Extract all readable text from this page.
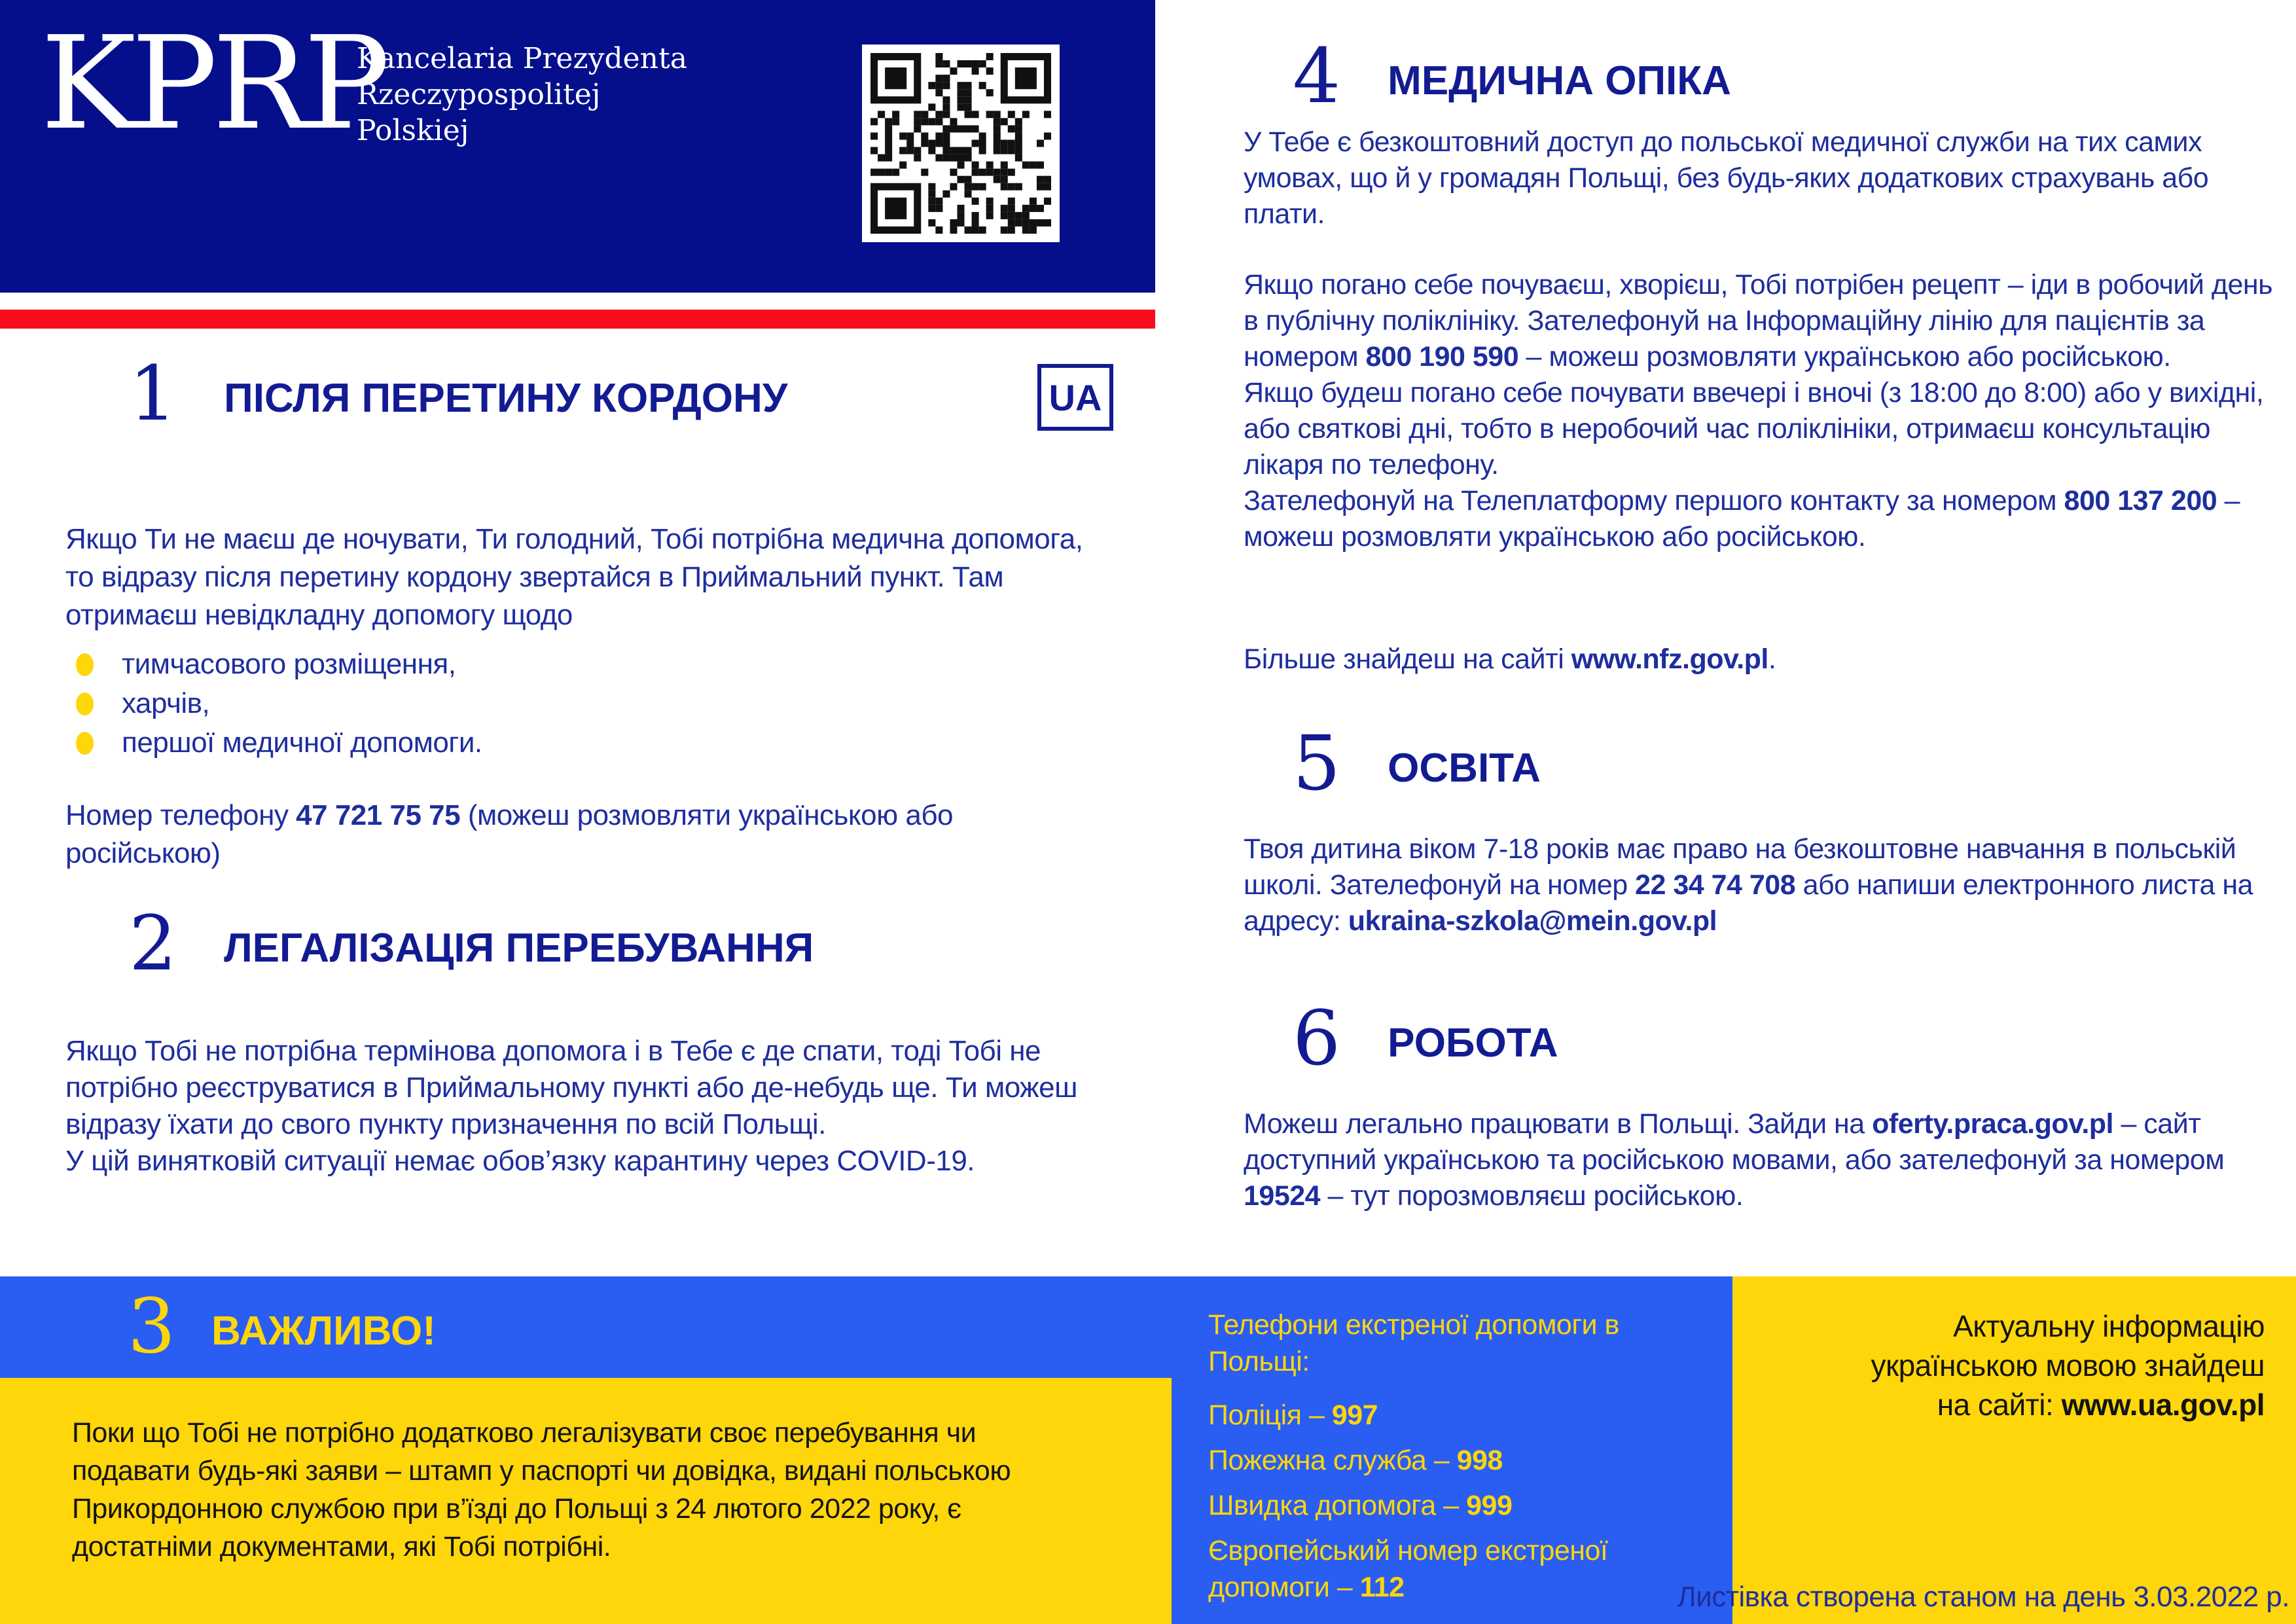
KPRP
Kancelaria Prezydenta
Rzeczypospolitej
Polskiej
1 ПІСЛЯ ПЕРЕТИНУ КОРДОНУ	UA

Якщо Ти не маєш де ночувати, Ти голодний, Тобі потрібна медична допомога, то відразу після перетину кордону звертайся в Приймальний пункт. Там отримаєш невідкладну допомогу щодо

тимчасового розміщення,
харчів,
першої медичної допомоги.

Номер телефону 47 721 75 75 (можеш розмовляти українською або російською)

2 ЛЕГАЛІЗАЦІЯ ПЕРЕБУВАННЯ

Якщо Тобі не потрібна термінова допомога і в Тебе є де спати, тоді Тобі не потрібно реєструватися в Приймальному пункті або де-небудь ще. Ти можеш відразу їхати до свого пункту призначення по всій Польщі.

У цій винятковій ситуації немає обов’язку карантину через COVID-19.

3 ВАЖЛИВО!
Поки що Тобі не потрібно додатково легалізувати своє перебування чи подавати будь-які заяви – штамп у паспорті чи довідка, видані польською Прикордонною службою при в’їзді до Польщі з 24 лютого 2022 року, є достатніми документами, які Тобі потрібні.
4 МЕДИЧНА ОПІКА
У Тебе є безкоштовний доступ до польської медичної служби на тих самих умовах, що й у громадян Польщі, без будь-яких додаткових страхувань або плати.
Якщо погано себе почуваєш, хворієш, Тобі потрібен рецепт – іди в робочий день в публічну поліклініку. Зателефонуй на Інформаційну лінію для пацієнтів за номером 800 190 590 – можеш розмовляти українською або російською.
Якщо будеш погано себе почувати ввечері і вночі (з 18:00 до 8:00) або у вихідні, або святкові дні, тобто в неробочий час поліклініки, отримаєш консультацію лікаря по телефону.
Зателефонуй на Телеплатформу першого контакту за номером 800 137 200 – можеш розмовляти українською або російською.
Більше знайдеш на сайті www.nfz.gov.pl.
5 ОСВІТА
Твоя дитина віком 7-18 років має право на безкоштовне навчання в польській школі. Зателефонуй на номер 22 34 74 708 або напиши електронного листа на адресу: ukraina-szkola@mein.gov.pl
6 РОБОТА
Можеш легально працювати в Польщі. Зайди на oferty.praca.gov.pl – сайт доступний українською та російською мовами, або зателефонуй за номером 19524 – тут порозмовляєш російською.
Телефони екстреної допомоги в Польщі:
Поліція – 997
Пожежна служба – 998
Швидка допомога – 999
Європейський номер екстреної допомоги – 112
Актуальну інформацію
українською мовою знайдеш
на сайті: www.ua.gov.pl
Листівка створена станом на день 3.03.2022 р.
